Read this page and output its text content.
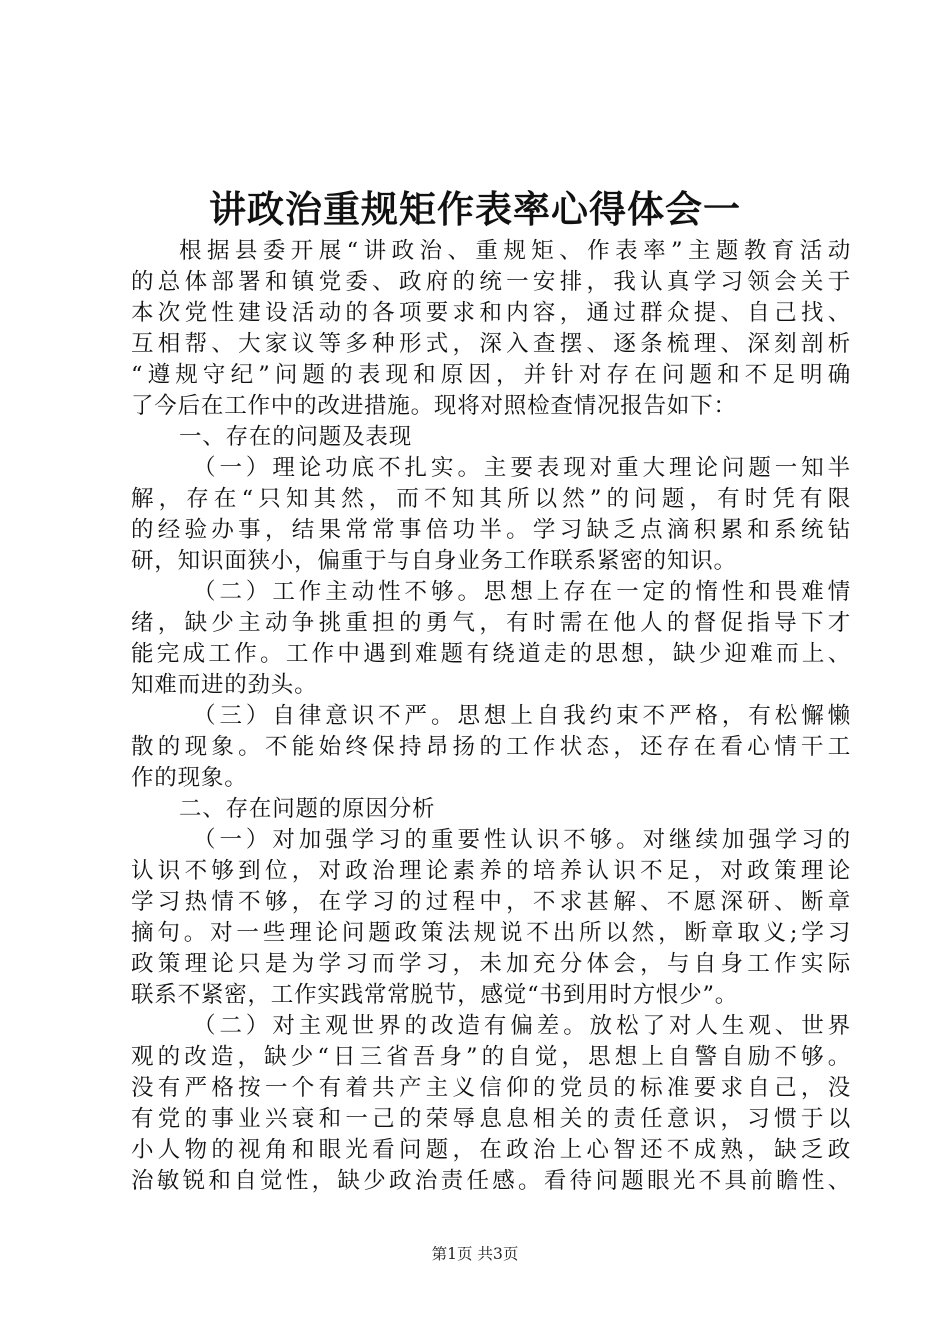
讲政治重规矩作表率心得体会一
根据县委开展“讲政治、重规矩、作表率”主题教育活动
的总体部署和镇党委、政府的统一安排，我认真学习领会关于
本次党性建设活动的各项要求和内容，通过群众提、自己找、
互相帮、大家议等多种形式，深入查摆、逐条梳理、深刻剖析
“遵规守纪”问题的表现和原因，并针对存在问题和不足明确
了今后在工作中的改进措施。现将对照检查情况报告如下：
一、存在的问题及表现
（一）理论功底不扎实。主要表现对重大理论问题一知半
解，存在“只知其然，而不知其所以然”的问题，有时凭有限
的经验办事，结果常常事倍功半。学习缺乏点滴积累和系统钻
研，知识面狭小，偏重于与自身业务工作联系紧密的知识。
（二）工作主动性不够。思想上存在一定的惰性和畏难情
绪，缺少主动争挑重担的勇气，有时需在他人的督促指导下才
能完成工作。工作中遇到难题有绕道走的思想，缺少迎难而上、
知难而进的劲头。
（三）自律意识不严。思想上自我约束不严格，有松懈懒
散的现象。不能始终保持昂扬的工作状态，还存在看心情干工
作的现象。
二、存在问题的原因分析
（一）对加强学习的重要性认识不够。对继续加强学习的
认识不够到位，对政治理论素养的培养认识不足，对政策理论
学习热情不够，在学习的过程中，不求甚解、不愿深研、断章
摘句。对一些理论问题政策法规说不出所以然，断章取义;学习
政策理论只是为学习而学习，未加充分体会，与自身工作实际
联系不紧密，工作实践常常脱节，感觉“书到用时方恨少”。
（二）对主观世界的改造有偏差。放松了对人生观、世界
观的改造，缺少“日三省吾身”的自觉，思想上自警自励不够。
没有严格按一个有着共产主义信仰的党员的标准要求自己，没
有党的事业兴衰和一己的荣辱息息相关的责任意识，习惯于以
小人物的视角和眼光看问题，在政治上心智还不成熟，缺乏政
治敏锐和自觉性，缺少政治责任感。看待问题眼光不具前瞻性、
第1页 共3页
